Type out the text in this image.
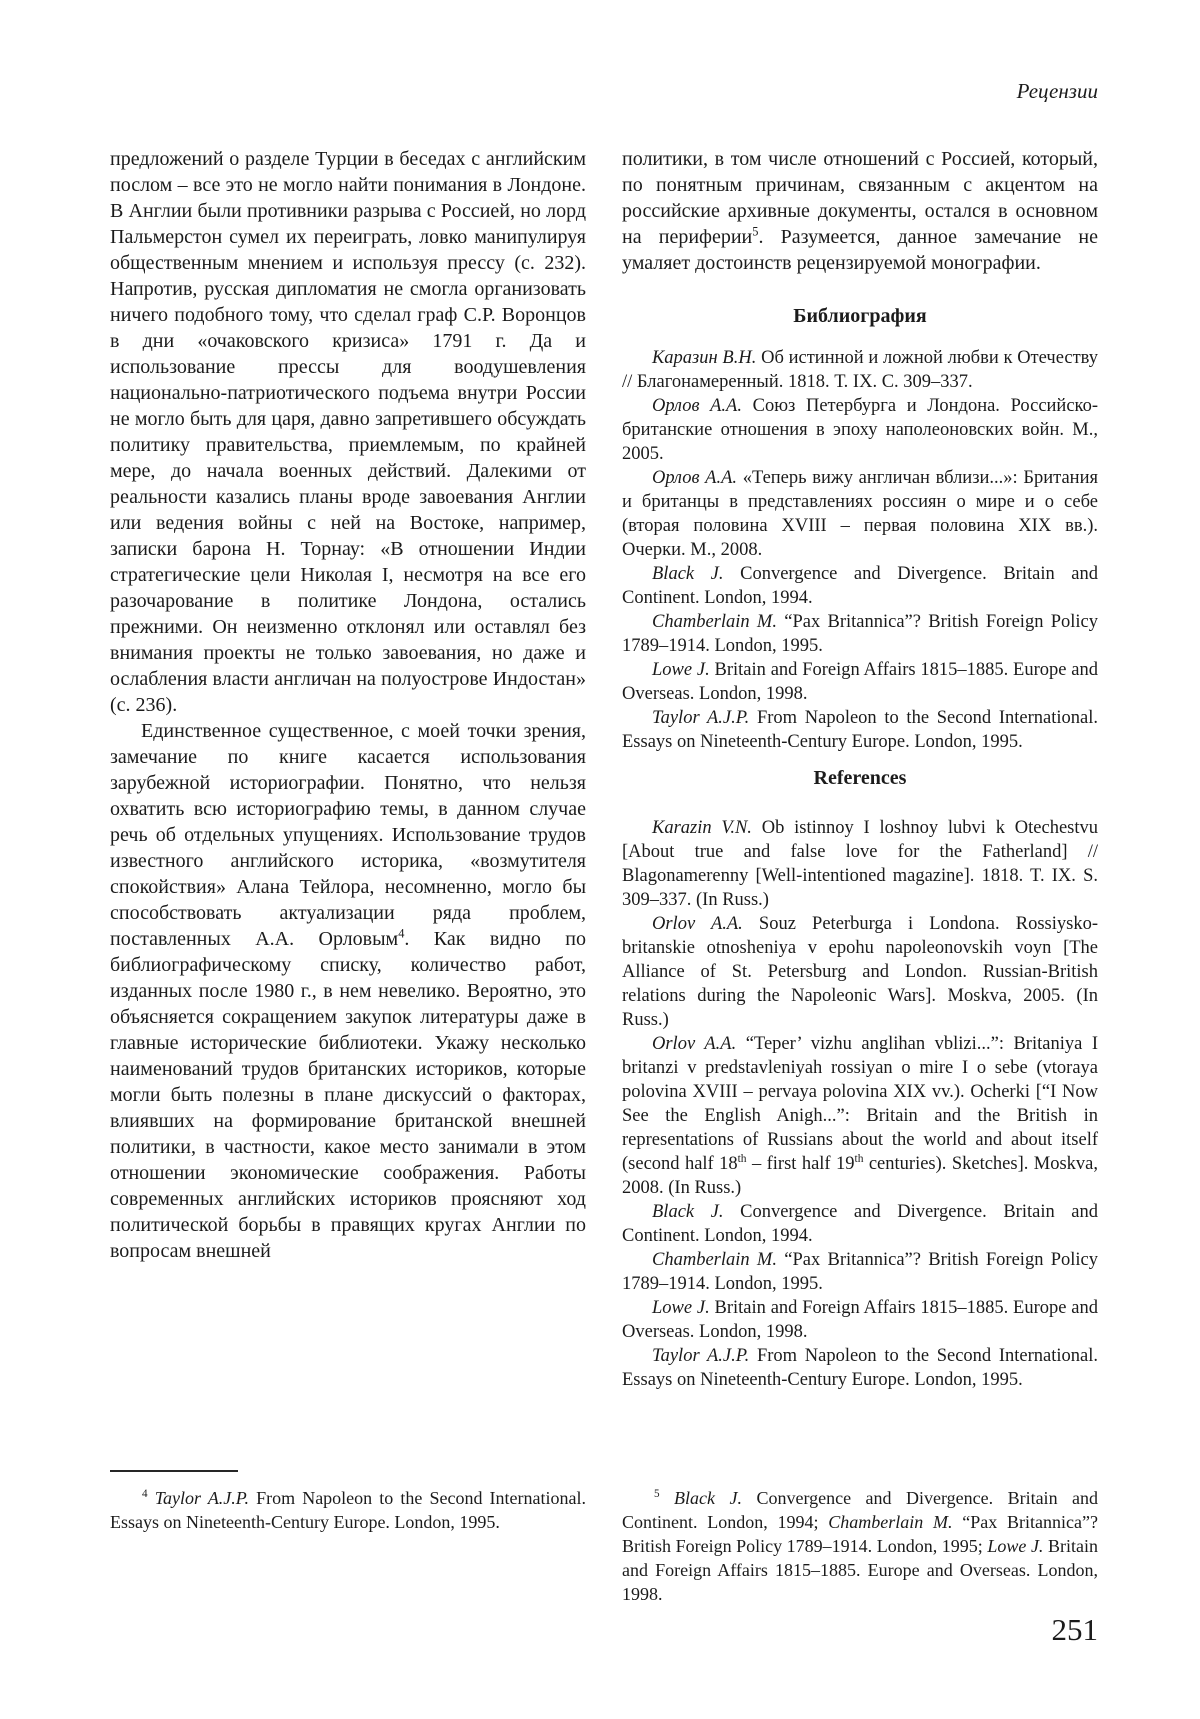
Рецензии

предложений о разделе Турции в беседах с английским послом – все это не могло найти понимания в Лондоне. В Англии были противники разрыва с Россией, но лорд Пальмерстон сумел их переиграть, ловко манипулируя общественным мнением и используя прессу (с. 232). Напротив, русская дипломатия не смогла организовать ничего подобного тому, что сделал граф С.Р. Воронцов в дни «очаковского кризиса» 1791 г. Да и использование прессы для воодушевления национально-патриотического подъема внутри России не могло быть для царя, давно запретившего обсуждать политику правительства, приемлемым, по крайней мере, до начала военных действий. Далекими от реальности казались планы вроде завоевания Англии или ведения войны с ней на Востоке, например, записки барона Н. Торнау: «В отношении Индии стратегические цели Николая I, несмотря на все его разочарование в политике Лондона, остались прежними. Он неизменно отклонял или оставлял без внимания проекты не только завоевания, но даже и ослабления власти англичан на полуострове Индостан» (с. 236).

Единственное существенное, с моей точки зрения, замечание по книге касается использования зарубежной историографии. Понятно, что нельзя охватить всю историографию темы, в данном случае речь об отдельных упущениях. Использование трудов известного английского историка, «возмутителя спокойствия» Алана Тейлора, несомненно, могло бы способствовать актуализации ряда проблем, поставленных А.А. Орловым$^4$. Как видно по библиографическому списку, количество работ, изданных после 1980 г., в нем невелико. Вероятно, это объясняется сокращением закупок литературы даже в главные исторические библиотеки. Укажу несколько наименований трудов британских историков, которые могли быть полезны в плане дискуссий о факторах, влиявших на формирование британской внешней политики, в частности, какое место занимали в этом отношении экономические соображения. Работы современных английских историков проясняют ход политической борьбы в правящих кругах Англии по вопросам внешней

политики, в том числе отношений с Россией, который, по понятным причинам, связанным с акцентом на российские архивные документы, остался в основном на периферии$^5$. Разумеется, данное замечание не умаляет достоинств рецензируемой монографии.

Библиография

Каразин В.Н. Об истинной и ложной любви к Отечеству // Благонамеренный. 1818. Т. IX. С. 309–337.

Орлов А.А. Союз Петербурга и Лондона. Российско-британские отношения в эпоху наполеоновских войн. М., 2005.

Орлов А.А. «Теперь вижу англичан вблизи...»: Британия и британцы в представлениях россиян о мире и о себе (вторая половина XVIII – первая половина XIX вв.). Очерки. М., 2008.

Black J. Convergence and Divergence. Britain and Continent. London, 1994.

Chamberlain M. “Pax Britannica”? British Foreign Policy 1789–1914. London, 1995.

Lowe J. Britain and Foreign Affairs 1815–1885. Europe and Overseas. London, 1998.

Taylor A.J.P. From Napoleon to the Second International. Essays on Nineteenth-Century Europe. London, 1995.

References

Karazin V.N. Ob istinnoy I loshnoy lubvi k Otechestvu [About true and false love for the Fatherland] // Blagonamerenny [Well-intentioned magazine]. 1818. T. IX. S. 309–337. (In Russ.)

Orlov A.A. Souz Peterburga i Londona. Rossiysko-britanskie otnosheniya v epohu napoleonovskih voyn [The Alliance of St. Petersburg and London. Russian-British relations during the Napoleonic Wars]. Moskva, 2005. (In Russ.)

Orlov A.A. “Teper’ vizhu anglihan vblizi...”: Britaniya I britanzi v predstavleniyah rossiyan o mire I o sebe (vtoraya polovina XVIII – pervaya polovina XIX vv.). Ocherki [“I Now See the English Anigh...”: Britain and the British in representations of Russians about the world and about itself (second half 18th – first half 19th centuries). Sketches]. Moskva, 2008. (In Russ.)

Black J. Convergence and Divergence. Britain and Continent. London, 1994.

Chamberlain M. “Pax Britannica”? British Foreign Policy 1789–1914. London, 1995.

Lowe J. Britain and Foreign Affairs 1815–1885. Europe and Overseas. London, 1998.

Taylor A.J.P. From Napoleon to the Second International. Essays on Nineteenth-Century Europe. London, 1995.

$^4$ Taylor A.J.P. From Napoleon to the Second International. Essays on Nineteenth-Century Europe. London, 1995.

$^5$ Black J. Convergence and Divergence. Britain and Continent. London, 1994; Chamberlain M. “Pax Britannica”? British Foreign Policy 1789–1914. London, 1995; Lowe J. Britain and Foreign Affairs 1815–1885. Europe and Overseas. London, 1998.

251
